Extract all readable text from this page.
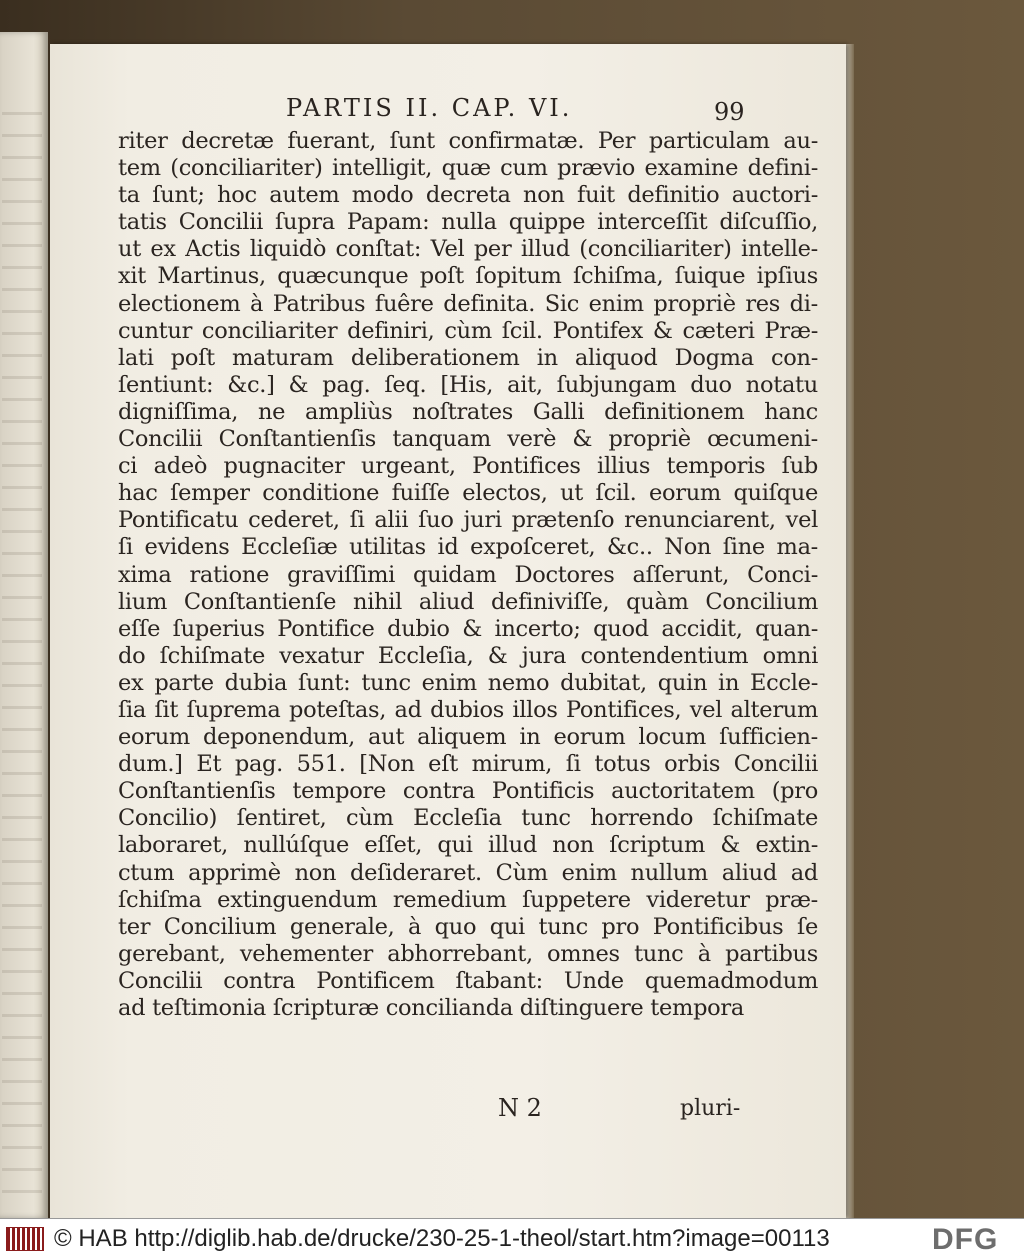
PARTIS II. CAP. VI.	99
riter decretæ fuerant, ſunt confirmatæ. Per particulam au-
tem (conciliariter) intelligit, quæ cum prævio examine defini-
ta ſunt; hoc autem modo decreta non fuit definitio auctori-
tatis Concilii ſupra Papam: nulla quippe interceſſit diſcuſſio,
ut ex Actis liquidò conſtat: Vel per illud (conciliariter) intelle-
xit Martinus, quæcunque poſt ſopitum ſchiſma, ſuique ipſius
electionem à Patribus fuêre definita. Sic enim propriè res di-
cuntur conciliariter definiri, cùm ſcil. Pontifex & cæteri Præ-
lati poſt maturam deliberationem in aliquod Dogma con-
ſentiunt: &c.] & pag. ſeq. [His, ait, ſubjungam duo notatu
digniſſima, ne ampliùs noſtrates Galli definitionem hanc
Concilii Conſtantienſis tanquam verè & propriè œcumeni-
ci adeò pugnaciter urgeant, Pontifices illius temporis ſub
hac ſemper conditione fuiſſe electos, ut ſcil. eorum quiſque
Pontificatu cederet, ſi alii ſuo juri prætenſo renunciarent, vel
ſi evidens Eccleſiæ utilitas id expoſceret, &c.. Non ſine ma-
xima ratione graviſſimi quidam Doctores aſſerunt, Conci-
lium Conſtantienſe nihil aliud definiviſſe, quàm Concilium
eſſe ſuperius Pontifice dubio & incerto; quod accidit, quan-
do ſchiſmate vexatur Eccleſia, & jura contendentium omni
ex parte dubia ſunt: tunc enim nemo dubitat, quin in Eccle-
ſia ſit ſuprema poteſtas, ad dubios illos Pontifices, vel alterum
eorum deponendum, aut aliquem in eorum locum ſufficien-
dum.] Et pag. 551. [Non eſt mirum, ſi totus orbis Concilii
Conſtantienſis tempore contra Pontificis auctoritatem (pro
Concilio) ſentiret, cùm Eccleſia tunc horrendo ſchiſmate
laboraret, nullúſque eſſet, qui illud non ſcriptum & extin-
ctum apprimè non deſideraret. Cùm enim nullum aliud ad
ſchiſma extinguendum remedium ſuppetere videretur præ-
ter Concilium generale, à quo qui tunc pro Pontificibus ſe
gerebant, vehementer abhorrebant, omnes tunc à partibus
Concilii contra Pontificem ſtabant: Unde quemadmodum
ad teſtimonia ſcripturæ concilianda diſtinguere tempora
N 2	pluri-
© HAB http://diglib.hab.de/drucke/230-25-1-theol/start.htm?image=00113	DFG
